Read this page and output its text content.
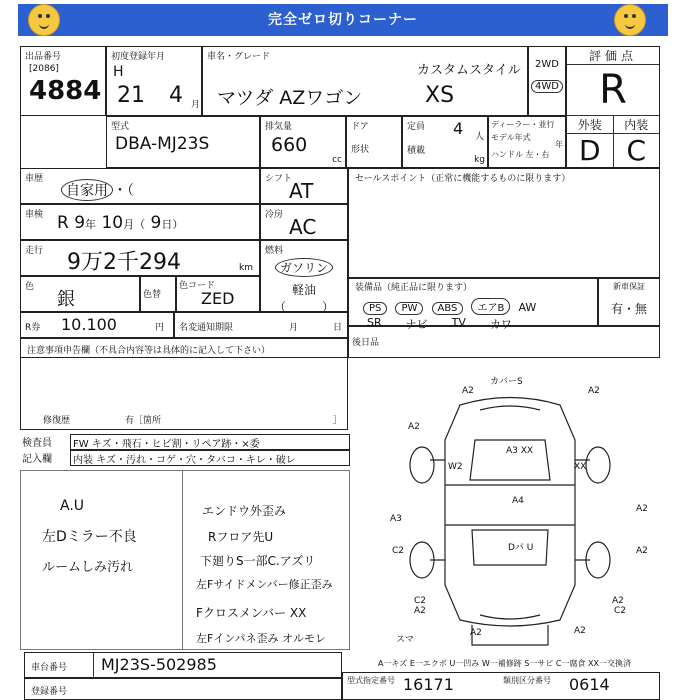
完全ゼロ切りコーナー
出品番号
[2086]
4884
初度登録年月
H
21 4 月
車名・グレード
カスタムスタイル
マツダ AZワゴン	XS
2WD
4WD
評価点
R
外装	内装
D C
型式
DBA-MJ23S
排気量
660
cc
ドア
形状
定員	4 人
積載
kg
ディーラー・並行
モデル年式
年
ハンドル 左・右
車歴
自家用 ・（
シフト
AT	セールスポイント（正常に機能するものに限ります）
車検 R 9年 10月（ 9日）
冷房 AC
走行	9万2千294	km
燃料
ガソリン
軽油
（　　　）
色
銀	色替
色コード
ZED
装備品（純正品に限ります）
PS PW ABS エアB AW
SR ナビ TV カワ
新車保証
有・無
R券 10.100	円 名変通知期限	月	日
後日品
注意事項申告欄（不具合内容等は具体的に記入して下さい）
修復歴	有［箇所	］
検査員
記入欄
FW キズ・飛石・ヒビ割・リペア跡・×委
内装 キズ・汚れ・コゲ・穴・タバコ・キレ・破レ
A.U
左Dミラー不良
ルームしみ汚れ
エンドウ外歪み
Rフロア先U
下廻りS一部C.アズリ
左Fサイドメンバー修正歪み
Fクロスメンバー XX
左Fインパネ歪み オルモレ
カバーS
A2	A2
A2
A3 XX
W2	XX
A4
A2
A3
C2	Dパ U	A2
C2
A2
A2
C2
A2
スマ
A2
A一キズ E一エクボ U一凹み W一補修跡 S一サビ C一腐食 XX一交換済
車台番号 MJ23S-502985
登録番号
型式指定番号 16171	類別区分番号 0614
